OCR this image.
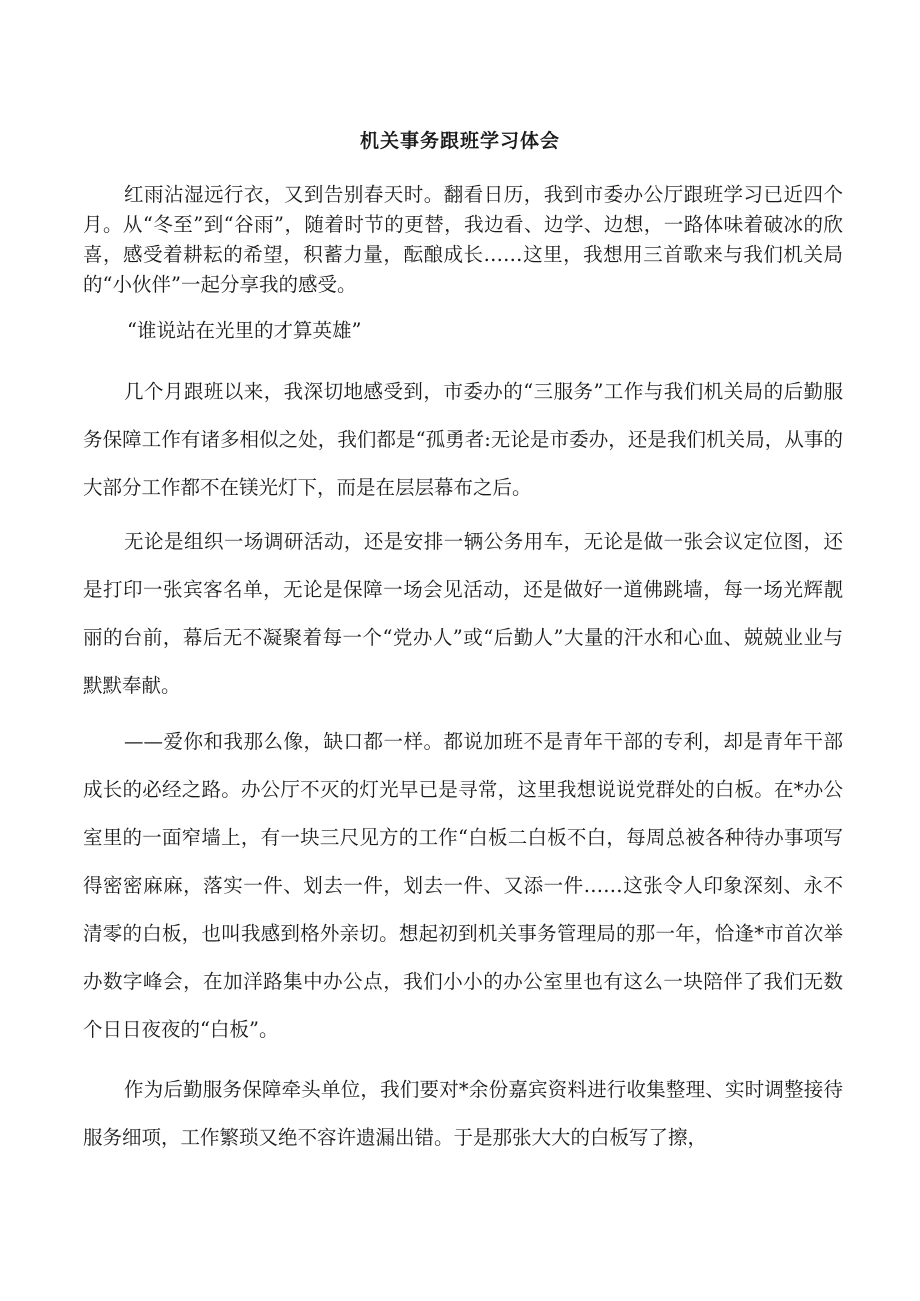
机关事务跟班学习体会

红雨沾湿远行衣，又到告别春天时。翻看日历，我到市委办公厅跟班学习已近四个月。从“冬至”到“谷雨”，随着时节的更替，我边看、边学、边想，一路体味着破冰的欣喜，感受着耕耘的希望，积蓄力量，酝酿成长……这里，我想用三首歌来与我们机关局的“小伙伴”一起分享我的感受。

“谁说站在光里的才算英雄”

几个月跟班以来，我深切地感受到，市委办的“三服务”工作与我们机关局的后勤服务保障工作有诸多相似之处，我们都是“孤勇者:无论是市委办，还是我们机关局，从事的大部分工作都不在镁光灯下，而是在层层幕布之后。

无论是组织一场调研活动，还是安排一辆公务用车，无论是做一张会议定位图，还是打印一张宾客名单，无论是保障一场会见活动，还是做好一道佛跳墙，每一场光辉靓丽的台前，幕后无不凝聚着每一个“党办人”或“后勤人”大量的汗水和心血、兢兢业业与默默奉献。

——爱你和我那么像，缺口都一样。都说加班不是青年干部的专利，却是青年干部成长的必经之路。办公厅不灭的灯光早已是寻常，这里我想说说党群处的白板。在*办公室里的一面窄墙上，有一块三尺见方的工作“白板二白板不白，每周总被各种待办事项写得密密麻麻，落实一件、划去一件，划去一件、又添一件……这张令人印象深刻、永不清零的白板，也叫我感到格外亲切。想起初到机关事务管理局的那一年，恰逢*市首次举办数字峰会，在加洋路集中办公点，我们小小的办公室里也有这么一块陪伴了我们无数个日日夜夜的“白板”。

作为后勤服务保障牵头单位，我们要对*余份嘉宾资料进行收集整理、实时调整接待服务细项，工作繁琐又绝不容许遗漏出错。于是那张大大的白板写了擦，
